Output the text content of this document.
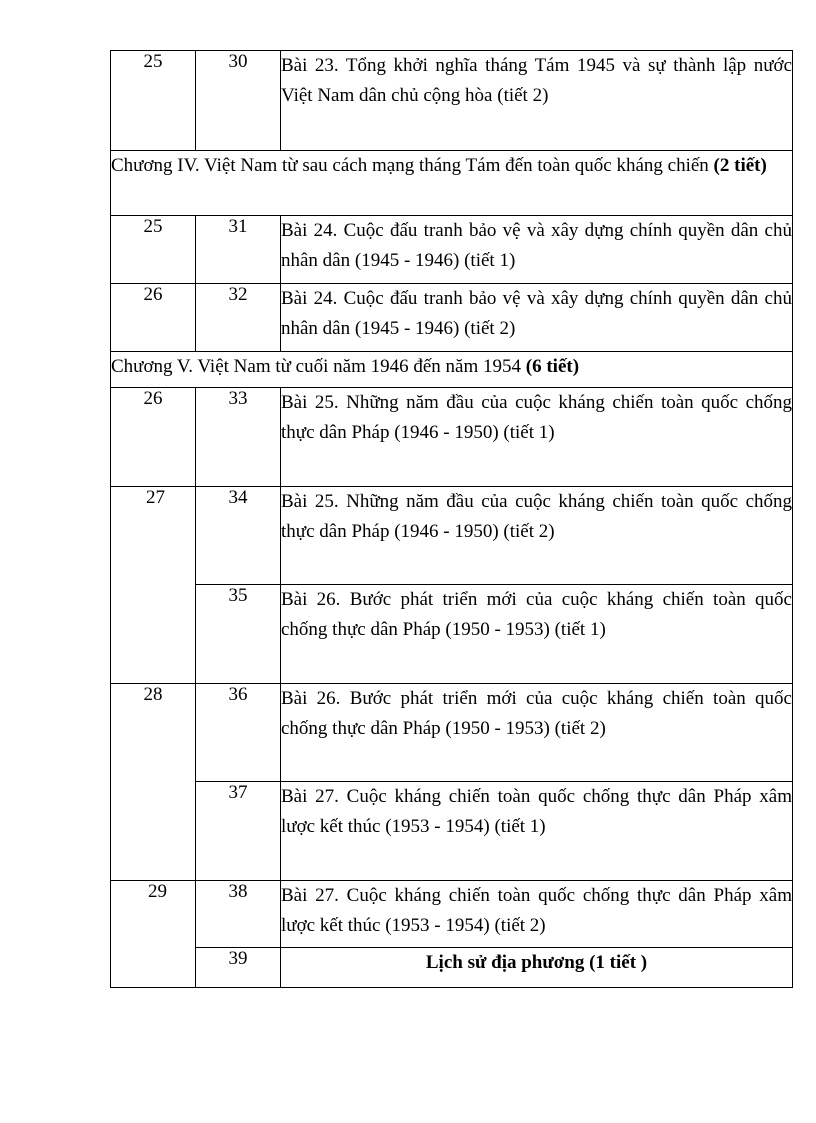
25	30	Bài 23. Tổng khởi nghĩa tháng Tám 1945 và sự thành lập nước Việt Nam dân chủ cộng hòa (tiết 2)
Chương IV. Việt Nam từ sau cách mạng tháng Tám đến toàn quốc kháng chiến (2 tiết)		
25	31	Bài 24. Cuộc đấu tranh bảo vệ và xây dựng chính quyền dân chủ nhân dân (1945 - 1946) (tiết 1)
26	32	Bài 24. Cuộc đấu tranh bảo vệ và xây dựng chính quyền dân chủ nhân dân (1945 - 1946) (tiết 2)
Chương V. Việt Nam từ cuối năm 1946 đến năm 1954 (6 tiết)		
26	33	Bài 25. Những năm đầu của cuộc kháng chiến toàn quốc chống thực dân Pháp (1946 - 1950) (tiết 1)
27	34	Bài 25. Những năm đầu của cuộc kháng chiến toàn quốc chống thực dân Pháp (1946 - 1950) (tiết 2)
	35	Bài 26. Bước phát triển mới của cuộc kháng chiến toàn quốc chống thực dân Pháp (1950 - 1953) (tiết 1)
28	36	Bài 26. Bước phát triển mới của cuộc kháng chiến toàn quốc chống thực dân Pháp (1950 - 1953) (tiết 2)
	37	Bài 27. Cuộc kháng chiến toàn quốc chống thực dân Pháp xâm lược kết thúc (1953 - 1954) (tiết 1)
29	38	Bài 27. Cuộc kháng chiến toàn quốc chống thực dân Pháp xâm lược kết thúc (1953 - 1954) (tiết 2)
	39	Lịch sử địa phương (1 tiết )
